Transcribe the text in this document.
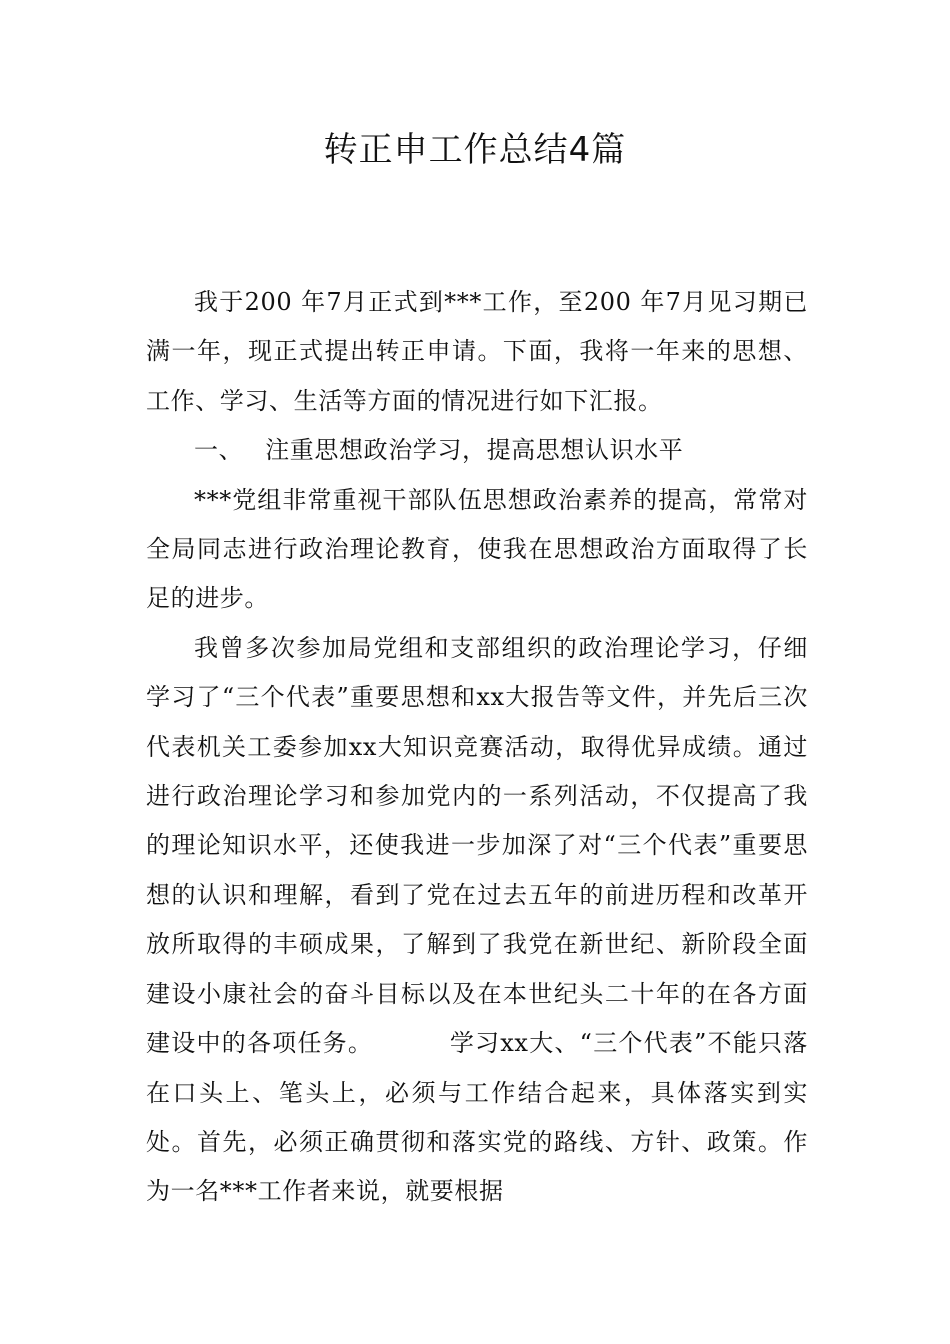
转正申工作总结4篇

我于200 年7月正式到***工作，至200 年7月见习期已满一年，现正式提出转正申请。下面，我将一年来的思想、工作、学习、生活等方面的情况进行如下汇报。

一、 注重思想政治学习，提高思想认识水平

***党组非常重视干部队伍思想政治素养的提高，常常对全局同志进行政治理论教育，使我在思想政治方面取得了长足的进步。

我曾多次参加局党组和支部组织的政治理论学习，仔细学习了“三个代表”重要思想和xx大报告等文件，并先后三次代表机关工委参加xx大知识竞赛活动，取得优异成绩。通过进行政治理论学习和参加党内的一系列活动，不仅提高了我的理论知识水平，还使我进一步加深了对“三个代表”重要思想的认识和理解，看到了党在过去五年的前进历程和改革开放所取得的丰硕成果，了解到了我党在新世纪、新阶段全面建设小康社会的奋斗目标以及在本世纪头二十年的在各方面建设中的各项任务。	学习xx大、“三个代表”不能只落在口头上、笔头上，必须与工作结合起来，具体落实到实处。首先，必须正确贯彻和落实党的路线、方针、政策。作为一名***工作者来说，就要根据
